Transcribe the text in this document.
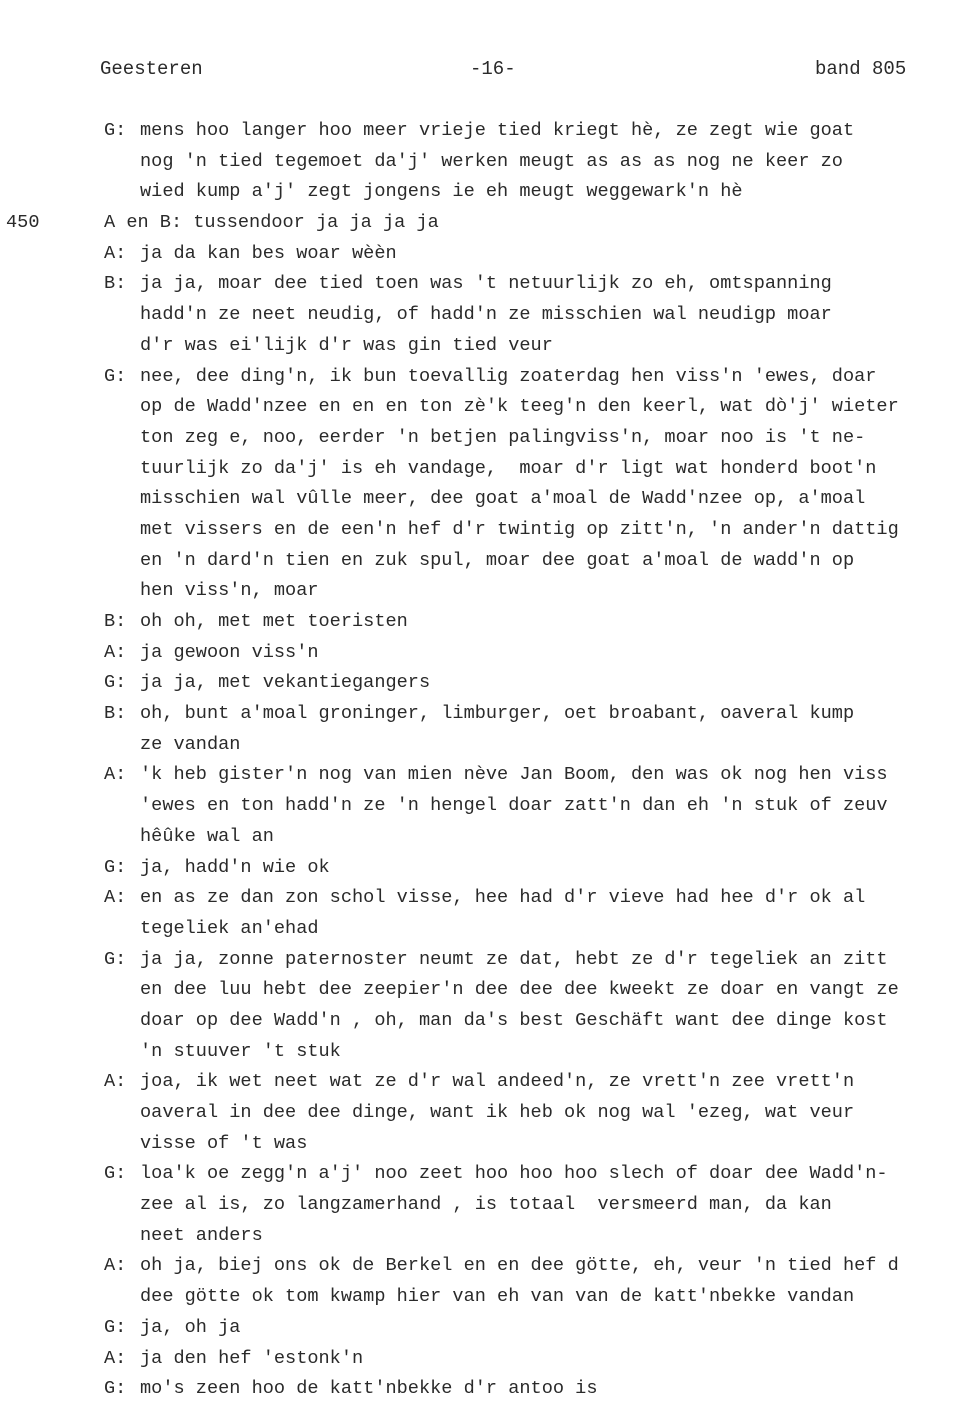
Geesteren	-16-	band 805
G: mens hoo langer hoo meer vrieje tied kriegt hè, ze zegt wie goat
nog 'n tied tegemoet da'j' werken meugt as as as nog ne keer zo
wied kump a'j' zegt jongens ie eh meugt weggewark'n hè
450	A en B: tussendoor ja ja ja ja
A: ja da kan bes woar wèèn
B: ja ja, moar dee tied toen was 't netuurlijk zo eh, omtspanning
hadd'n ze neet neudig, of hadd'n ze misschien wal neudigp moar
d'r was ei'lijk d'r was gin tied veur
G: nee, dee ding'n, ik bun toevallig zoaterdag hen viss'n 'ewes, doar
op de Wadd'nzee en en en ton zè'k teeg'n den keerl, wat dò'j' wieter
ton zeg e, noo, eerder 'n betjen palingviss'n, moar noo is 't ne-
tuurlijk zo da'j' is eh vandage,  moar d'r ligt wat honderd boot'n
misschien wal vûlle meer, dee goat a'moal de Wadd'nzee op, a'moal
met vissers en de een'n hef d'r twintig op zitt'n, 'n ander'n dattig
en 'n dard'n tien en zuk spul, moar dee goat a'moal de wadd'n op
hen viss'n, moar
B: oh oh, met met toeristen
A: ja gewoon viss'n
G: ja ja, met vekantiegangers
B: oh, bunt a'moal groninger, limburger, oet broabant, oaveral kump
ze vandan
A: 'k heb gister'n nog van mien nève Jan Boom, den was ok nog hen viss
'ewes en ton hadd'n ze 'n hengel doar zatt'n dan eh 'n stuk of zeuv
hêûke wal an
G: ja, hadd'n wie ok
A: en as ze dan zon schol visse, hee had d'r vieve had hee d'r ok al
tegeliek an'ehad
G: ja ja, zonne paternoster neumt ze dat, hebt ze d'r tegeliek an zitt
en dee luu hebt dee zeepier'n dee dee dee kweekt ze doar en vangt ze
doar op dee Wadd'n , oh, man da's best Geschäft want dee dinge kost
'n stuuver 't stuk
A: joa, ik wet neet wat ze d'r wal andeed'n, ze vrett'n zee vrett'n
oaveral in dee dee dinge, want ik heb ok nog wal 'ezeg, wat veur
visse of 't was
G: loa'k oe zegg'n a'j' noo zeet hoo hoo hoo slech of doar dee Wadd'n-
zee al is, zo langzamerhand , is totaal  versmeerd man, da kan
neet anders
A: oh ja, biej ons ok de Berkel en en dee götte, eh, veur 'n tied hef d
dee götte ok tom kwamp hier van eh van van de katt'nbekke vandan
G: ja, oh ja
A: ja den hef 'estonk'n
G: mo's zeen hoo de katt'nbekke d'r antoo is
